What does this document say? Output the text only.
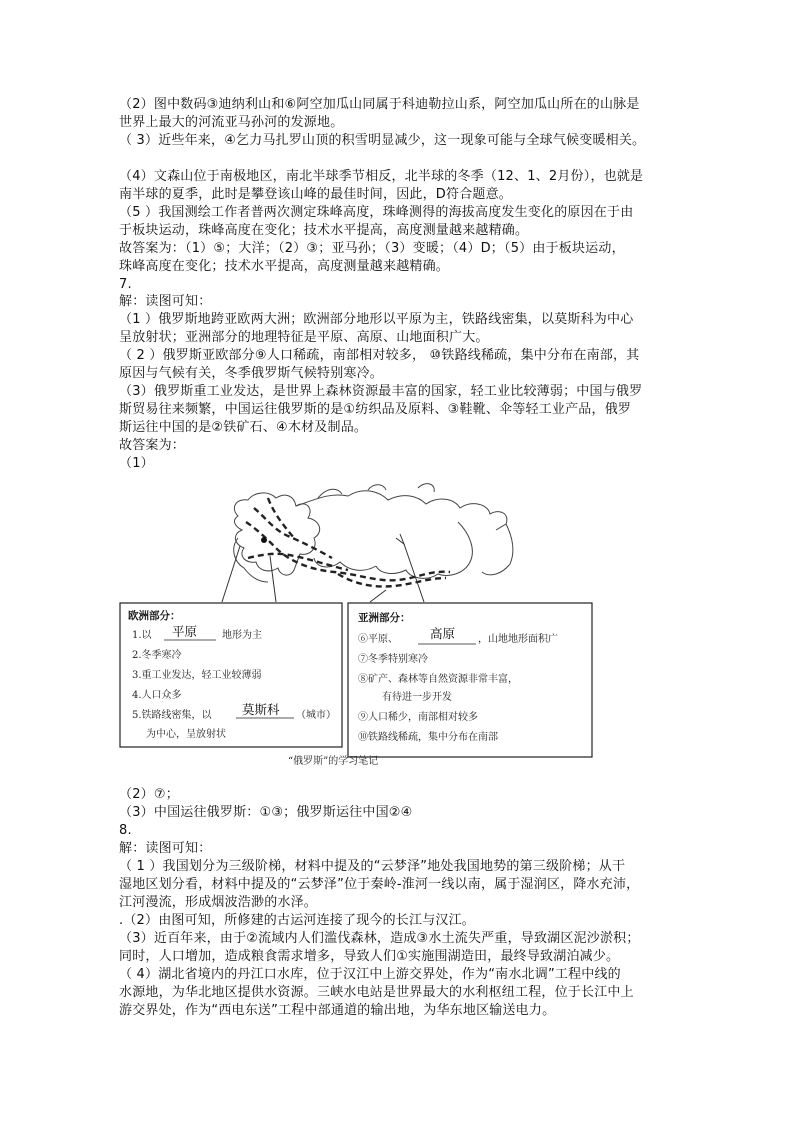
（2）图中数码③迪纳利山和⑥阿空加瓜山同属于科迪勒拉山系，阿空加瓜山所在的山脉是
世界上最大的河流亚马孙河的发源地。
（ 3）近些年来，④乞力马扎罗山顶的积雪明显减少，这一现象可能与全球气候变暖相关。
（4）文森山位于南极地区，南北半球季节相反，北半球的冬季（12、1、2月份），也就是
南半球的夏季，此时是攀登该山峰的最佳时间，因此，D符合题意。
（5 ）我国测绘工作者普两次测定珠峰高度，珠峰测得的海拔高度发生变化的原因在于由
于板块运动，珠峰高度在变化；技术水平提高，高度测量越来越精确。
故答案为：（1）⑤；大洋；（2）③；亚马孙；（3）变暖；（4）D；（5）由于板块运动，
珠峰高度在变化；技术水平提高，高度测量越来越精确。
7.
解：读图可知：
（1 ）俄罗斯地跨亚欧两大洲；欧洲部分地形以平原为主，铁路线密集，以莫斯科为中心
呈放射状；亚洲部分的地理特征是平原、高原、山地面积广大。
（ 2 ）俄罗斯亚欧部分⑨人口稀疏，南部相对较多， ⑩铁路线稀疏，集中分布在南部，其
原因与气候有关，冬季俄罗斯气候特别寒冷。
（3）俄罗斯重工业发达，是世界上森林资源最丰富的国家，轻工业比较薄弱；中国与俄罗
斯贸易往来频繁，中国运往俄罗斯的是①纺织品及原料、③鞋靴、伞等轻工业产品，俄罗
斯运往中国的是②铁矿石、④木材及制品。
故答案为：
（1）
欧洲部分：
1.以 平原 地形为主
2.冬季寒冷
3.重工业发达，轻工业较薄弱
4.人口众多
5.铁路线密集，以 莫斯科 （城市）
为中心，呈放射状
亚洲部分：
⑥平原、	高原 ，山地地形面积广
⑦冬季特别寒冷
⑧矿产、森林等自然资源非常丰富，
有待进一步开发
⑨人口稀少，南部相对较多
⑩铁路线稀疏，集中分布在南部
“俄罗斯”的学习笔记
（2）⑦；
（3）中国运往俄罗斯：①③；俄罗斯运往中国②④
8.
解：读图可知：
（ 1 ）我国划分为三级阶梯，材料中提及的“云梦泽”地处我国地势的第三级阶梯；从干
湿地区划分看，材料中提及的“云梦泽”位于秦岭-淮河一线以南，属于湿润区，降水充沛，
江河漫流，形成烟波浩渺的水泽。
.（2）由图可知，所修建的古运河连接了现今的长江与汉江。
（3）近百年来，由于②流域内人们滥伐森林，造成③水土流失严重，导致湖区泥沙淤积；
同时，人口增加，造成粮食需求增多，导致人们①实施围湖造田，最终导致湖泊减少。
（ 4）湖北省境内的丹江口水库，位于汉江中上游交界处，作为“南水北调”工程中线的
水源地，为华北地区提供水资源。三峡水电站是世界最大的水利枢纽工程，位于长江中上
游交界处，作为“西电东送”工程中部通道的输出地，为华东地区输送电力。
